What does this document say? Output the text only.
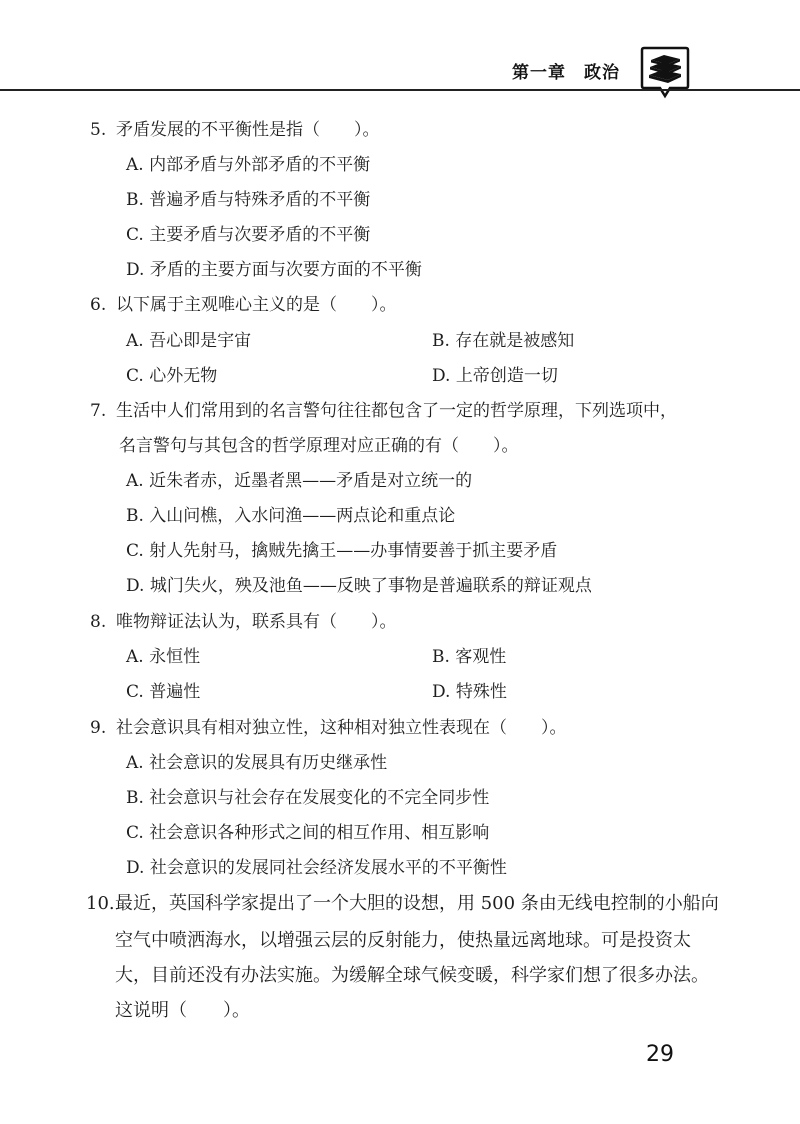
第一章　政治
5. 矛盾发展的不平衡性是指（　　）。
A. 内部矛盾与外部矛盾的不平衡
B. 普遍矛盾与特殊矛盾的不平衡
C. 主要矛盾与次要矛盾的不平衡
D. 矛盾的主要方面与次要方面的不平衡
6. 以下属于主观唯心主义的是（　　）。
A. 吾心即是宇宙	B. 存在就是被感知
C. 心外无物	D. 上帝创造一切
7. 生活中人们常用到的名言警句往往都包含了一定的哲学原理，下列选项中，
名言警句与其包含的哲学原理对应正确的有（　　）。
A. 近朱者赤，近墨者黑——矛盾是对立统一的
B. 入山问樵，入水问渔——两点论和重点论
C. 射人先射马，擒贼先擒王——办事情要善于抓主要矛盾
D. 城门失火，殃及池鱼——反映了事物是普遍联系的辩证观点
8. 唯物辩证法认为，联系具有（　　）。
A. 永恒性	B. 客观性
C. 普遍性	D. 特殊性
9. 社会意识具有相对独立性，这种相对独立性表现在（　　）。
A. 社会意识的发展具有历史继承性
B. 社会意识与社会存在发展变化的不完全同步性
C. 社会意识各种形式之间的相互作用、相互影响
D. 社会意识的发展同社会经济发展水平的不平衡性
10.最近，英国科学家提出了一个大胆的设想，用 500 条由无线电控制的小船向
空气中喷洒海水，以增强云层的反射能力，使热量远离地球。可是投资太
大，目前还没有办法实施。为缓解全球气候变暖，科学家们想了很多办法。
这说明（　　）。
29
